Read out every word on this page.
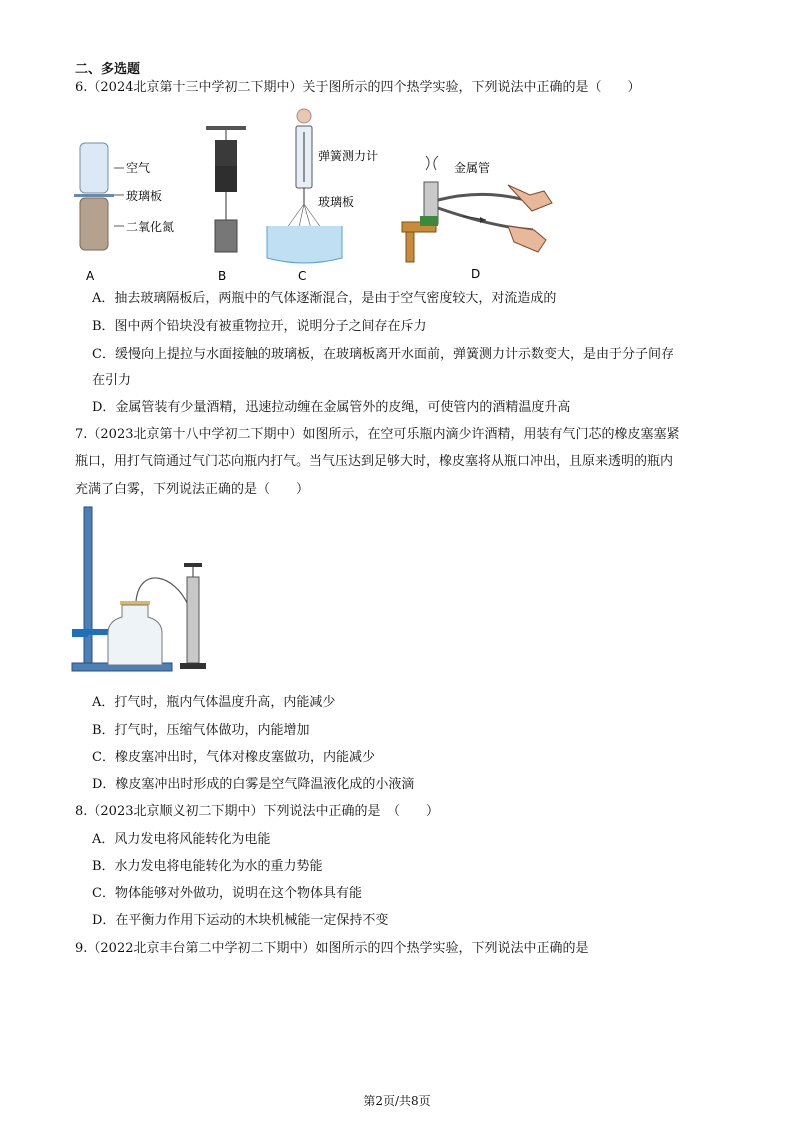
二、多选题
6.（2024北京第十三中学初二下期中）关于图所示的四个热学实验，下列说法中正确的是（　　）
空气
玻璃板
二氧化氮
A	B
弹簧测力计
玻璃板
C
金属管
D
A．抽去玻璃隔板后，两瓶中的气体逐渐混合，是由于空气密度较大，对流造成的
B．图中两个铅块没有被重物拉开，说明分子之间存在斥力
C．缓慢向上提拉与水面接触的玻璃板，在玻璃板离开水面前，弹簧测力计示数变大，是由于分子间存
在引力
D．金属管装有少量酒精，迅速拉动缠在金属管外的皮绳，可使管内的酒精温度升高
7.（2023北京第十八中学初二下期中）如图所示，在空可乐瓶内滴少许酒精，用装有气门芯的橡皮塞塞紧
瓶口，用打气筒通过气门芯向瓶内打气。当气压达到足够大时，橡皮塞将从瓶口冲出，且原来透明的瓶内
充满了白雾，下列说法正确的是（　　）
A．打气时，瓶内气体温度升高，内能减少
B．打气时，压缩气体做功，内能增加
C．橡皮塞冲出时，气体对橡皮塞做功，内能减少
D．橡皮塞冲出时形成的白雾是空气降温液化成的小液滴
8.（2023北京顺义初二下期中）下列说法中正确的是　（　　）
A．风力发电将风能转化为电能
B．水力发电将电能转化为水的重力势能
C．物体能够对外做功，说明在这个物体具有能
D．在平衡力作用下运动的木块机械能一定保持不变
9.（2022北京丰台第二中学初二下期中）如图所示的四个热学实验，下列说法中正确的是
第2页/共8页
